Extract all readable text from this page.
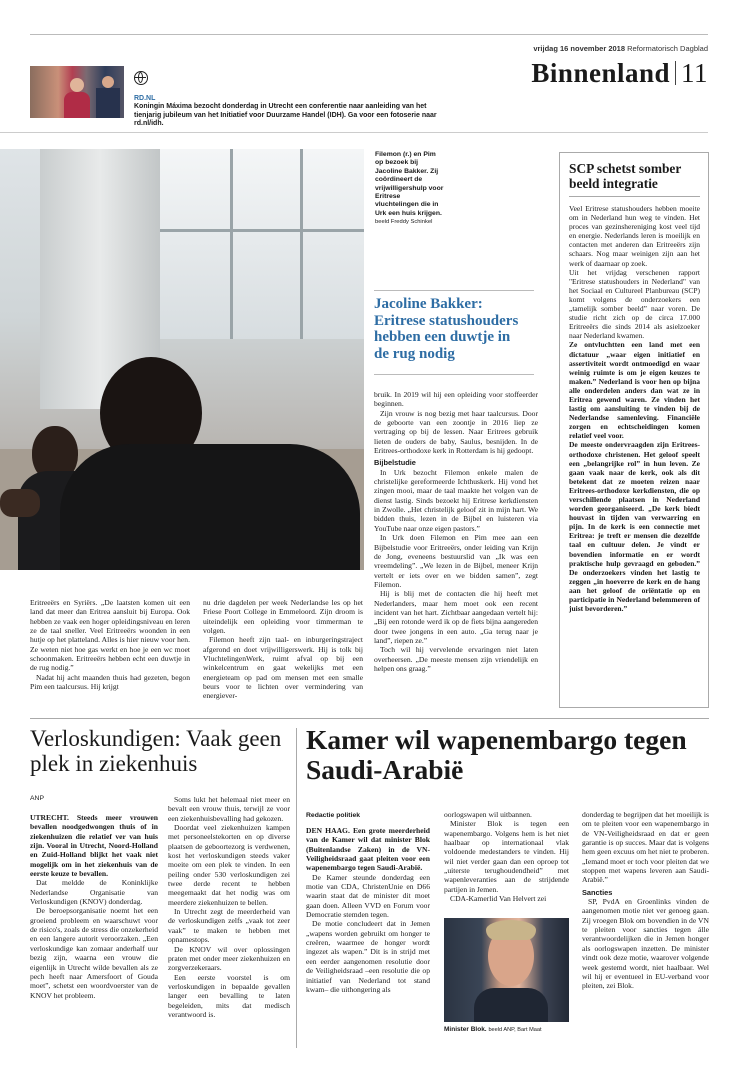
vrijdag 16 november 2018 Reformatorisch Dagblad
Binnenland 11
RD.NL
Koningin Máxima bezocht donderdag in Utrecht een conferentie naar aanleiding van het tienjarig jubileum van het Initiatief voor Duurzame Handel (IDH). Ga voor een fotoserie naar rd.nl/idh.
Filemon (r.) en Pim op bezoek bij Jacoline Bakker. Zij coördineert de vrijwilligershulp voor Eritrese vluchtelingen die in Urk een huis krijgen. beeld Freddy Schinkel
Jacoline Bakker: Eritrese statushouders hebben een duwtje in de rug nodig

Eritreeërs en Syriërs. „De laatsten komen uit een land dat meer dan Eritrea aansluit bij Europa. Ook hebben ze vaak een hoger opleidingsniveau en leren ze de taal sneller. Veel Eritreeërs woonden in een hutje op het platteland. Alles is hier nieuw voor hen. Ze weten niet hoe gas werkt en hoe je een wc moet schoonmaken. Eritreeërs hebben echt een duwtje in de rug nodig.”

Nadat hij acht maanden thuis had gezeten, begon Pim een taalcursus. Hij krijgt

nu drie dagdelen per week Nederlandse les op het Friese Poort College in Emmeloord. Zijn droom is uiteindelijk een opleiding voor timmerman te volgen.

Filemon heeft zijn taal- en inburgeringstraject afgerond en doet vrijwilligerswerk. Hij is tolk bij VluchtelingenWerk, ruimt afval op bij een winkelcentrum en gaat wekelijks met een energieteam op pad om mensen met een smalle beurs voor te lichten over vermindering van energiever-

bruik. In 2019 wil hij een opleiding voor stoffeerder beginnen.

Zijn vrouw is nog bezig met haar taalcursus. Door de geboorte van een zoontje in 2016 liep ze vertraging op bij de lessen. Naar Eritrees gebruik lieten de ouders de baby, Saulus, besnijden. In de Eritrees-orthodoxe kerk in Rotterdam is hij gedoopt.

Bijbelstudie

In Urk bezocht Filemon enkele malen de christelijke gereformeerde Ichthuskerk. Hij vond het zingen mooi, maar de taal maakte het volgen van de dienst lastig. Sinds bezoekt hij Eritrese kerkdiensten in Zwolle. „Het christelijk geloof zit in mijn hart. We bidden thuis, lezen in de Bijbel en luisteren via YouTube naar onze eigen pastors.”

In Urk doen Filemon en Pim mee aan een Bijbelstudie voor Eritreeërs, onder leiding van Krijn de Jong, eveneens bestuurslid van „Ik was een vreemdeling”. „We lezen in de Bijbel, meneer Krijn vertelt er iets over en we bidden samen”, zegt Filemon.

Hij is blij met de contacten die hij heeft met Nederlanders, maar hem moet ook een recent incident van het hart. Zichtbaar aangedaan vertelt hij: „Bij een rotonde werd ik op de fiets bijna aangereden door twee jongens in een auto. „Ga terug naar je land”, riepen ze.”

Toch wil hij vervelende ervaringen niet laten overheersen. „De meeste mensen zijn vriendelijk en helpen ons graag.”

SCP schetst somber beeld integratie

Veel Eritrese statushouders hebben moeite om in Nederland hun weg te vinden. Het proces van gezinshereniging kost veel tijd en energie. Nederlands leren is moeilijk en contacten met anderen dan Eritreeërs zijn schaars. Nog maar weinigen zijn aan het werk of daarnaar op zoek.

Uit het vrijdag verschenen rapport "Eritrese statushouders in Nederland" van het Sociaal en Cultureel Planbureau (SCP) komt volgens de onderzoekers een „tamelijk somber beeld” naar voren. De studie richt zich op de circa 17.000 Eritreeërs die sinds 2014 als asielzoeker naar Nederland kwamen.

Ze ontvluchtten een land met een dictatuur „waar eigen initiatief en assertiviteit wordt ontmoedigd en waar weinig ruimte is om je eigen keuzes te maken.” Nederland is voor hen op bijna alle onderdelen anders dan wat ze in Eritrea gewend waren. Ze vinden het lastig om aansluiting te vinden bij de Nederlandse samenleving. Financiële zorgen en echtscheidingen komen relatief veel voor.

De meeste ondervraagden zijn Eritrees-orthodoxe christenen. Het geloof speelt een „belangrijke rol” in hun leven. Ze gaan vaak naar de kerk, ook als dit betekent dat ze moeten reizen naar Eritrees-orthodoxe kerkdiensten, die op verschillende plaatsen in Nederland worden georganiseerd. „De kerk biedt houvast in tijden van verwarring en pijn. In de kerk is een connectie met Eritrea: je treft er mensen die dezelfde taal en cultuur delen. Je vindt er bovendien informatie en er wordt praktische hulp gevraagd en geboden.” De onderzoekers vinden het lastig te zeggen „in hoeverre de kerk en de hang aan het geloof de oriëntatie op en participatie in Nederland belemmeren of juist bevorderen.”

Verloskundigen: Vaak geen plek in ziekenhuis
ANP

UTRECHT. Steeds meer vrouwen bevallen noodgedwongen thuis of in ziekenhuizen die relatief ver van huis zijn. Vooral in Utrecht, Noord-Holland en Zuid-Holland blijkt het vaak niet mogelijk om in het ziekenhuis van de eerste keuze te bevallen.

Dat meldde de Koninklijke Nederlandse Organisatie van Verloskundigen (KNOV) donderdag.

De beroepsorganisatie noemt het een groeiend probleem en waarschuwt voor de risico's, zoals de stress die onzekerheid en een langere autorit veroorzaken. „Een verloskundige kan zomaar anderhalf uur bezig zijn, waarna een vrouw die eigenlijk in Utrecht wilde bevallen als ze pech heeft naar Amersfoort of Gouda moet”, schetst een woordvoerster van de KNOV het probleem.

Soms lukt het helemaal niet meer en bevalt een vrouw thuis, terwijl ze voor een ziekenhuisbevalling had gekozen.

Doordat veel ziekenhuizen kampen met personeelstekorten en op diverse plaatsen de geboortezorg is verdwenen, kost het verloskundigen steeds vaker moeite om een plek te vinden. In een peiling onder 530 verloskundigen zei twee derde recent te hebben meegemaakt dat het nodig was om meerdere ziekenhuizen te bellen.

In Utrecht zegt de meerderheid van de verloskundigen zelfs „vaak tot zeer vaak” te maken te hebben met opnamestops.

De KNOV wil over oplossingen praten met onder meer ziekenhuizen en zorgverzekeraars.

Een eerste voorstel is om verloskundigen in bepaalde gevallen langer een bevalling te laten begeleiden, mits dat medisch verantwoord is.

Kamer wil wapenembargo tegen Saudi-Arabië
Redactie politiek

DEN HAAG. Een grote meerderheid van de Kamer wil dat minister Blok (Buitenlandse Zaken) in de VN-Veiligheidsraad gaat pleiten voor een wapenembargo tegen Saudi-Arabië.

De Kamer steunde donderdag een motie van CDA, ChristenUnie en D66 waarin staat dat de minister dit moet gaan doen. Alleen VVD en Forum voor Democratie stemden tegen.

De motie concludeert dat in Jemen „wapens worden gebruikt om honger te creëren, waarmee de honger wordt ingezet als wapen.” Dit is in strijd met een eerder aangenomen resolutie door de Veiligheidsraad –een resolutie die op initiatief van Nederland tot stand kwam– die uithongering als

oorlogswapen wil uitbannen.

Minister Blok is tegen een wapenembargo. Volgens hem is het niet haalbaar op internationaal vlak voldoende medestanders te vinden. Hij wil niet verder gaan dan een oproep tot „uiterste terughoudendheid” met wapenleveranties aan de strijdende partijen in Jemen.

CDA-Kamerlid Van Helvert zei

Minister Blok. beeld ANP, Bart Maat

donderdag te begrijpen dat het moeilijk is om te pleiten voor een wapenembargo in de VN-Veiligheidsraad en dat er geen garantie is op succes. Maar dat is volgens hem geen excuus om het niet te proberen. „Iemand moet er toch voor pleiten dat we stoppen met wapens leveren aan Saudi-Arabië.”

Sancties

SP, PvdA en Groenlinks vinden de aangenomen motie niet ver genoeg gaan. Zij vroegen Blok om bovendien in de VN te pleiten voor sancties tegen álle verantwoordelijken die in Jemen honger als oorlogswapen inzetten. De minister vindt ook deze motie, waarover volgende week gestemd wordt, niet haalbaar. Wel wil hij er eventueel in EU-verband voor pleiten, zei Blok.
